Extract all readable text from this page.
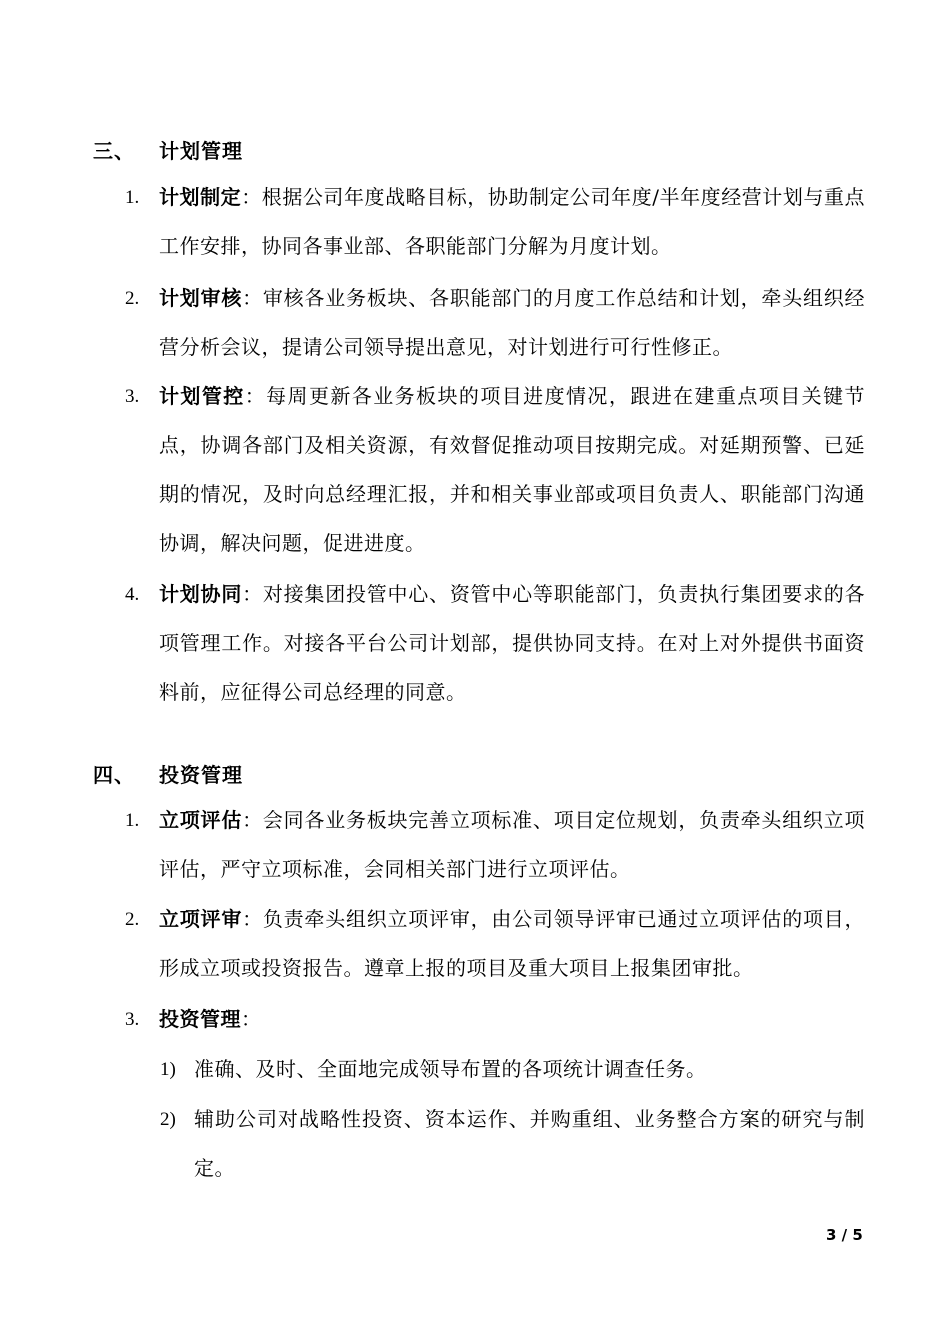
三、 计划管理
1. 计划制定：根据公司年度战略目标，协助制定公司年度/半年度经营计划与重点工作安排，协同各事业部、各职能部门分解为月度计划。
2. 计划审核：审核各业务板块、各职能部门的月度工作总结和计划，牵头组织经营分析会议，提请公司领导提出意见，对计划进行可行性修正。
3. 计划管控：每周更新各业务板块的项目进度情况，跟进在建重点项目关键节点，协调各部门及相关资源，有效督促推动项目按期完成。对延期预警、已延期的情况，及时向总经理汇报，并和相关事业部或项目负责人、职能部门沟通协调，解决问题，促进进度。
4. 计划协同：对接集团投管中心、资管中心等职能部门，负责执行集团要求的各项管理工作。对接各平台公司计划部，提供协同支持。在对上对外提供书面资料前，应征得公司总经理的同意。
四、 投资管理
1. 立项评估：会同各业务板块完善立项标准、项目定位规划，负责牵头组织立项评估，严守立项标准，会同相关部门进行立项评估。
2. 立项评审：负责牵头组织立项评审，由公司领导评审已通过立项评估的项目，形成立项或投资报告。遵章上报的项目及重大项目上报集团审批。
3. 投资管理：
1) 准确、及时、全面地完成领导布置的各项统计调查任务。
2) 辅助公司对战略性投资、资本运作、并购重组、业务整合方案的研究与制定。
3 / 5
